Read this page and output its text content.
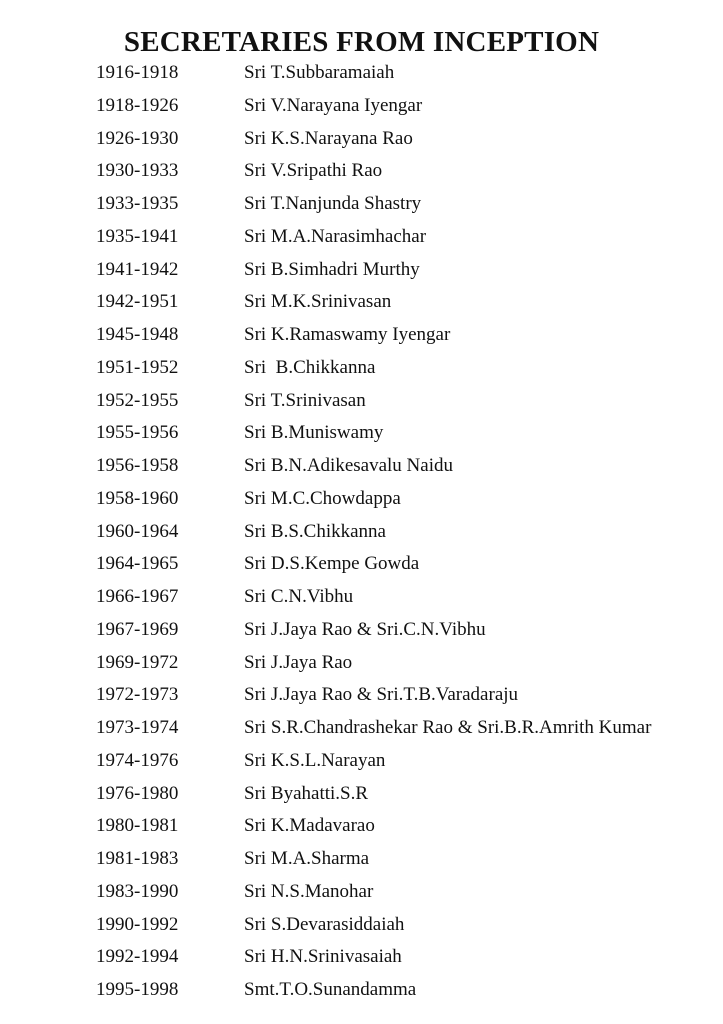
SECRETARIES FROM INCEPTION
1916-1918	Sri T.Subbaramaiah
1918-1926	Sri V.Narayana Iyengar
1926-1930	Sri K.S.Narayana Rao
1930-1933	Sri V.Sripathi Rao
1933-1935	Sri T.Nanjunda Shastry
1935-1941	Sri M.A.Narasimhachar
1941-1942	Sri B.Simhadri Murthy
1942-1951	Sri M.K.Srinivasan
1945-1948	Sri K.Ramaswamy Iyengar
1951-1952	Sri  B.Chikkanna
1952-1955	Sri T.Srinivasan
1955-1956	Sri B.Muniswamy
1956-1958	Sri B.N.Adikesavalu Naidu
1958-1960	Sri M.C.Chowdappa
1960-1964	Sri B.S.Chikkanna
1964-1965	Sri D.S.Kempe Gowda
1966-1967	Sri C.N.Vibhu
1967-1969	Sri J.Jaya Rao & Sri.C.N.Vibhu
1969-1972	Sri J.Jaya Rao
1972-1973	Sri J.Jaya Rao & Sri.T.B.Varadaraju
1973-1974	Sri S.R.Chandrashekar Rao & Sri.B.R.Amrith Kumar
1974-1976	Sri K.S.L.Narayan
1976-1980	Sri Byahatti.S.R
1980-1981	Sri K.Madavarao
1981-1983	Sri M.A.Sharma
1983-1990	Sri N.S.Manohar
1990-1992	Sri S.Devarasiddaiah
1992-1994	Sri H.N.Srinivasaiah
1995-1998	Smt.T.O.Sunandamma
